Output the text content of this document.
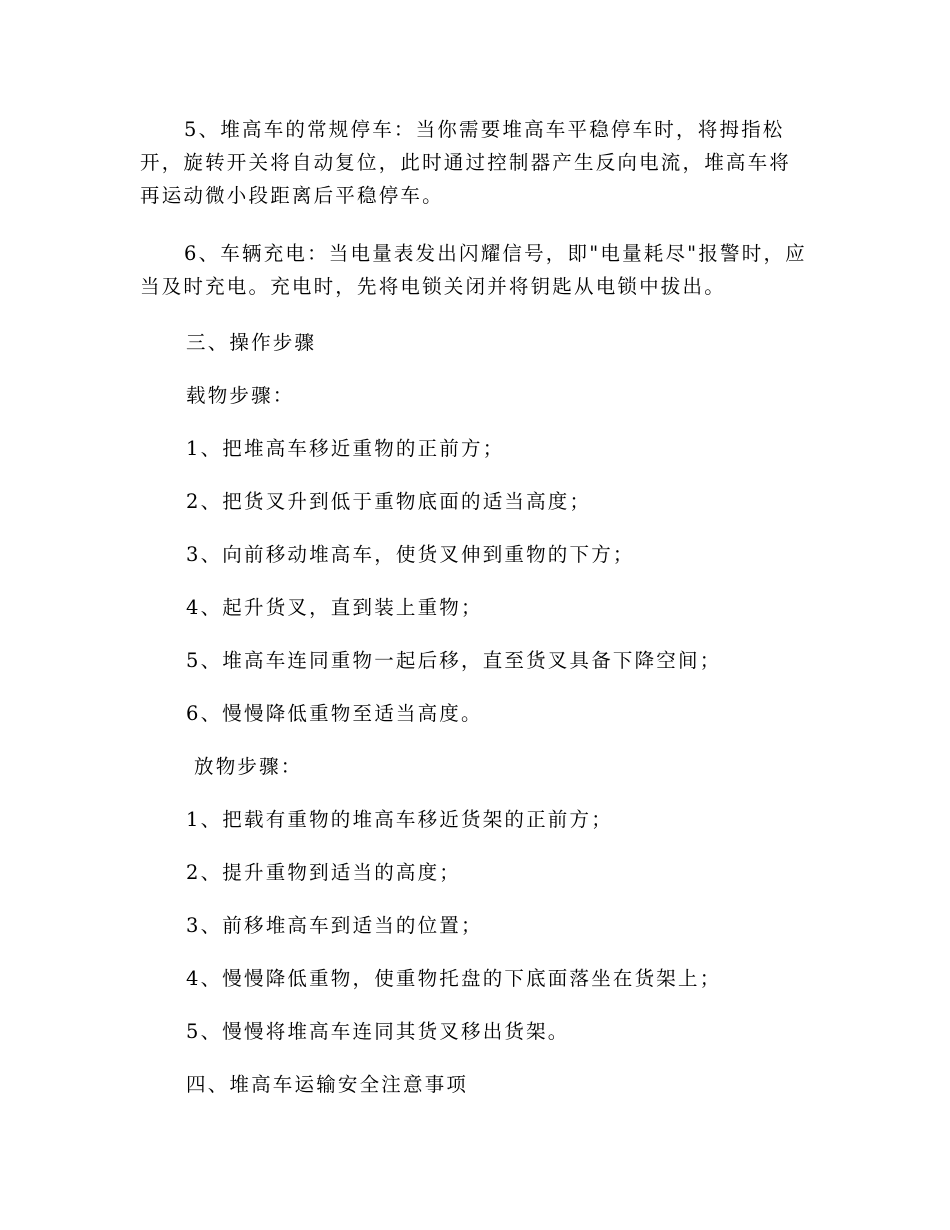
5、堆高车的常规停车：当你需要堆高车平稳停车时，将拇指松开，旋转开关将自动复位，此时通过控制器产生反向电流，堆高车将再运动微小段距离后平稳停车。

6、车辆充电：当电量表发出闪耀信号，即"电量耗尽"报警时，应当及时充电。充电时，先将电锁关闭并将钥匙从电锁中拔出。

三、操作步骤

载物步骤：

1、把堆高车移近重物的正前方；

2、把货叉升到低于重物底面的适当高度；

3、向前移动堆高车，使货叉伸到重物的下方；

4、起升货叉，直到装上重物；

5、堆高车连同重物一起后移，直至货叉具备下降空间；

6、慢慢降低重物至适当高度。

放物步骤：

1、把载有重物的堆高车移近货架的正前方；

2、提升重物到适当的高度；

3、前移堆高车到适当的位置；

4、慢慢降低重物，使重物托盘的下底面落坐在货架上；

5、慢慢将堆高车连同其货叉移出货架。

四、堆高车运输安全注意事项
